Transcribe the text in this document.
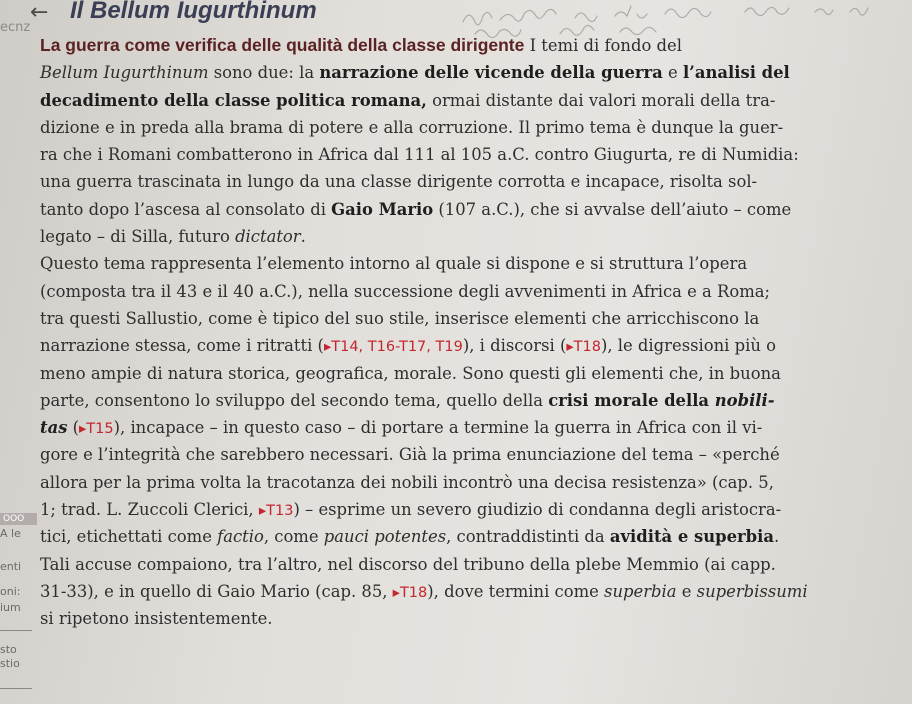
← Il Bellum Iugurthinum
ecnz
OOO
A le
enti
oni:
ium
sto
stio
La guerra come verifica delle qualità della classe dirigente I temi di fondo del
Bellum Iugurthinum sono due: la narrazione delle vicende della guerra e l’analisi del
decadimento della classe politica romana, ormai distante dai valori morali della tra-
dizione e in preda alla brama di potere e alla corruzione. Il primo tema è dunque la guer-
ra che i Romani combatterono in Africa dal 111 al 105 a.C. contro Giugurta, re di Numidia:
una guerra trascinata in lungo da una classe dirigente corrotta e incapace, risolta sol-
tanto dopo l’ascesa al consolato di Gaio Mario (107 a.C.), che si avvalse dell’aiuto – come
legato – di Silla, futuro dictator.
Questo tema rappresenta l’elemento intorno al quale si dispone e si struttura l’opera
(composta tra il 43 e il 40 a.C.), nella successione degli avvenimenti in Africa e a Roma;
tra questi Sallustio, come è tipico del suo stile, inserisce elementi che arricchiscono la
narrazione stessa, come i ritratti (▸T14, T16-T17, T19), i discorsi (▸T18), le digressioni più o
meno ampie di natura storica, geografica, morale. Sono questi gli elementi che, in buona
parte, consentono lo sviluppo del secondo tema, quello della crisi morale della nobili-
tas (▸T15), incapace – in questo caso – di portare a termine la guerra in Africa con il vi-
gore e l’integrità che sarebbero necessari. Già la prima enunciazione del tema – «perché
allora per la prima volta la tracotanza dei nobili incontrò una decisa resistenza» (cap. 5,
1; trad. L. Zuccoli Clerici, ▸T13) – esprime un severo giudizio di condanna degli aristocra-
tici, etichettati come factio, come pauci potentes, contraddistinti da avidità e superbia.
Tali accuse compaiono, tra l’altro, nel discorso del tribuno della plebe Memmio (ai capp.
31-33), e in quello di Gaio Mario (cap. 85, ▸T18), dove termini come superbia e superbissumi
si ripetono insistentemente.
